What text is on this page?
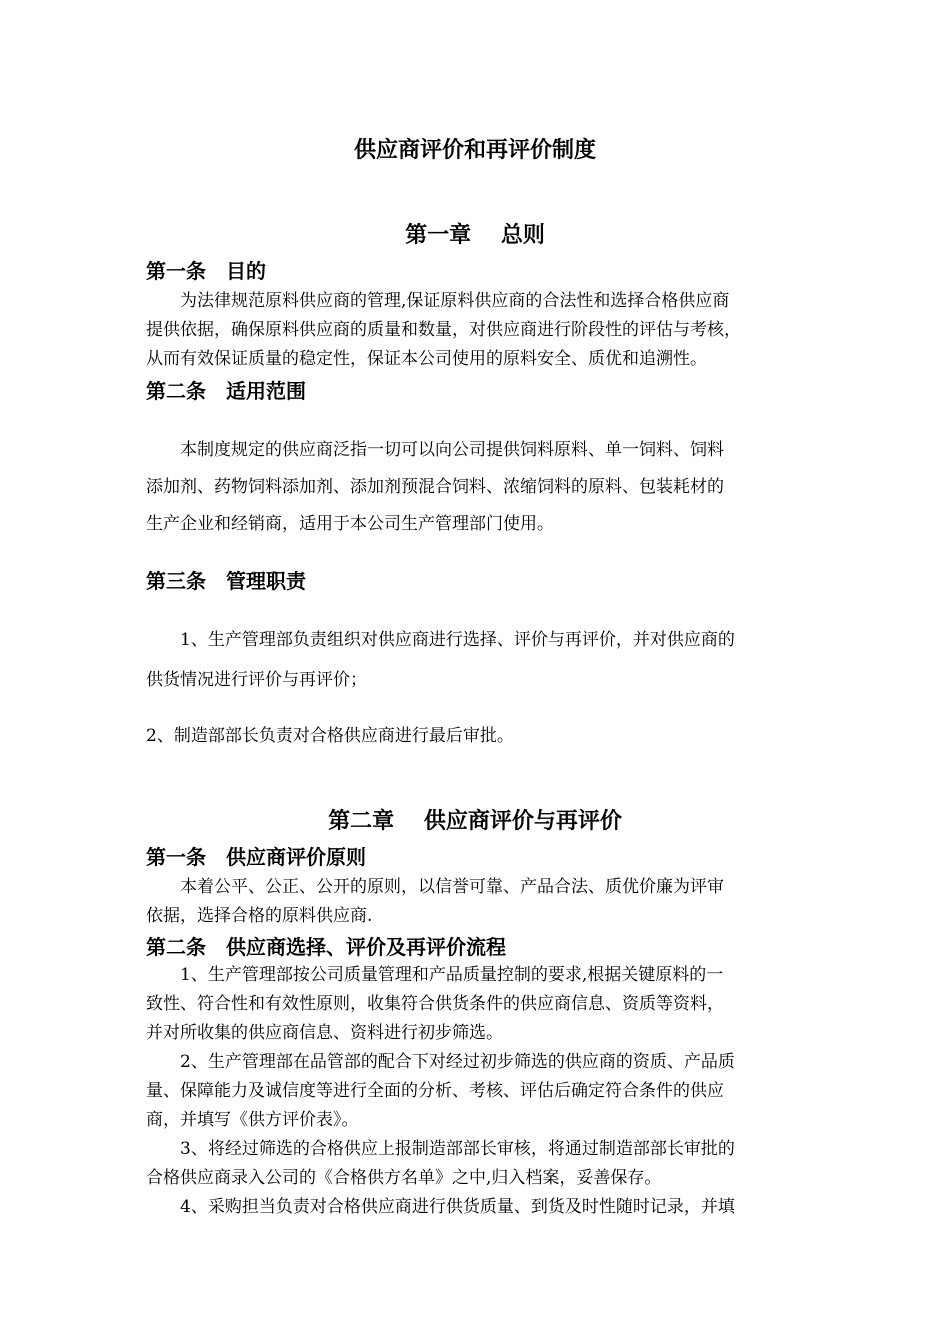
供应商评价和再评价制度
第一章　 总则
第一条　目的
　　为法律规范原料供应商的管理,保证原料供应商的合法性和选择合格供应商
提供依据，确保原料供应商的质量和数量，对供应商进行阶段性的评估与考核，
从而有效保证质量的稳定性，保证本公司使用的原料安全、质优和追溯性。
第二条　适用范围
　　本制度规定的供应商泛指一切可以向公司提供饲料原料、单一饲料、饲料
添加剂、药物饲料添加剂、添加剂预混合饲料、浓缩饲料的原料、包装耗材的
生产企业和经销商，适用于本公司生产管理部门使用。
第三条　管理职责
　　1、生产管理部负责组织对供应商进行选择、评价与再评价，并对供应商的
供货情况进行评价与再评价；
2、制造部部长负责对合格供应商进行最后审批。
第二章　 供应商评价与再评价
第一条　供应商评价原则
　　本着公平、公正、公开的原则，以信誉可靠、产品合法、质优价廉为评审
依据，选择合格的原料供应商.
第二条　供应商选择、评价及再评价流程
　　1、生产管理部按公司质量管理和产品质量控制的要求,根据关键原料的一
致性、符合性和有效性原则，收集符合供货条件的供应商信息、资质等资料，
并对所收集的供应商信息、资料进行初步筛选。
　　2、生产管理部在品管部的配合下对经过初步筛选的供应商的资质、产品质
量、保障能力及诚信度等进行全面的分析、考核、评估后确定符合条件的供应
商，并填写《供方评价表》。
　　3、将经过筛选的合格供应上报制造部部长审核，将通过制造部部长审批的
合格供应商录入公司的《合格供方名单》之中,归入档案，妥善保存。
　　4、采购担当负责对合格供应商进行供货质量、到货及时性随时记录，并填
